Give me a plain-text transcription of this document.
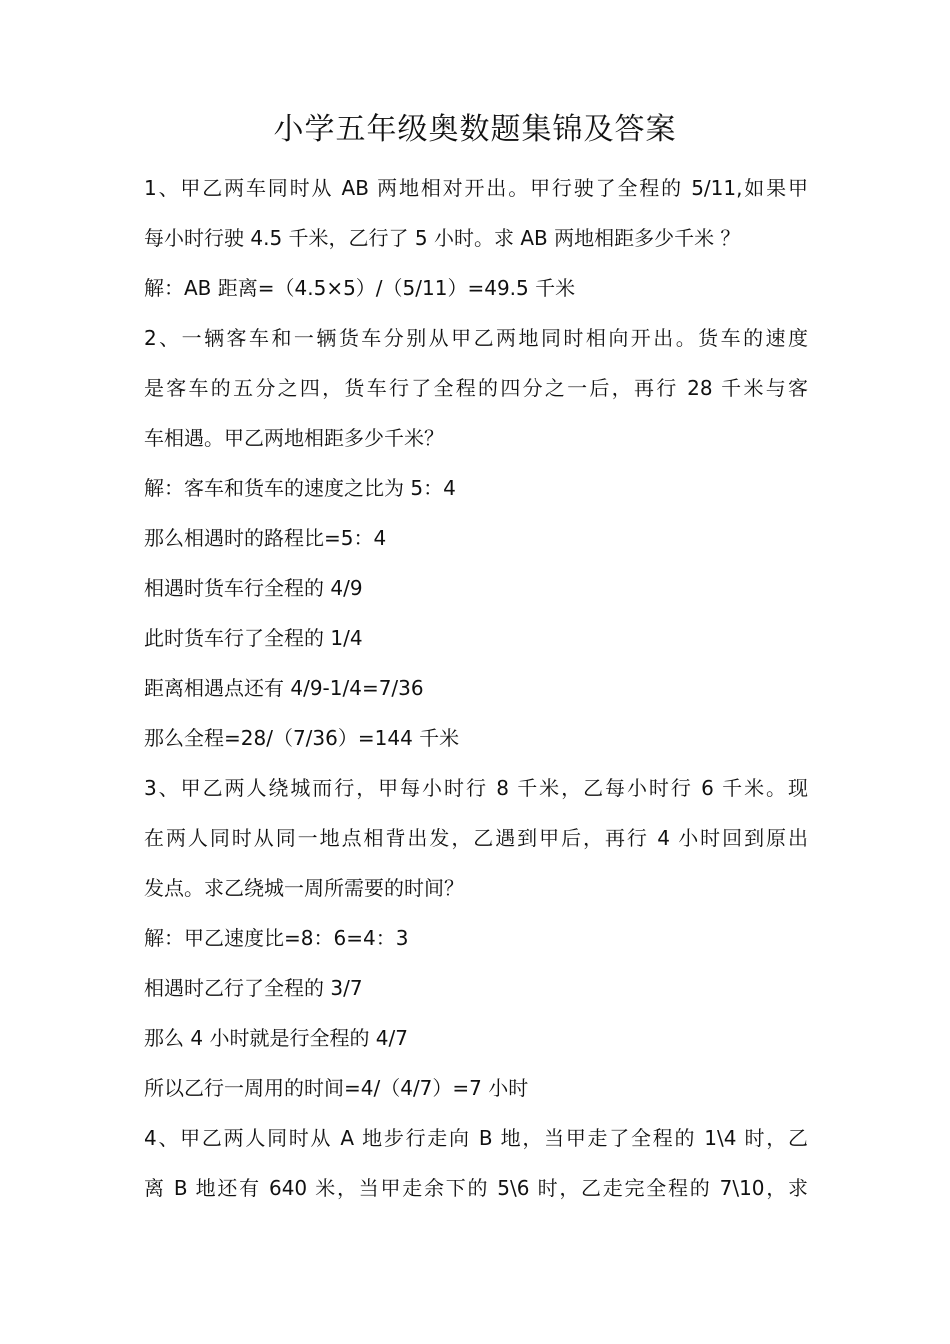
小学五年级奥数题集锦及答案
1、甲乙两车同时从 AB 两地相对开出。甲行驶了全程的 5/11,如果甲
每小时行驶 4.5 千米，乙行了 5 小时。求 AB 两地相距多少千米 ？
解：AB 距离=（4.5×5）/（5/11）=49.5 千米
2、一辆客车和一辆货车分别从甲乙两地同时相向开出。货车的速度
是客车的五分之四，货车行了全程的四分之一后，再行 28 千米与客
车相遇。甲乙两地相距多少千米？
解：客车和货车的速度之比为 5：4
那么相遇时的路程比=5：4
相遇时货车行全程的 4/9
此时货车行了全程的 1/4
距离相遇点还有 4/9-1/4=7/36
那么全程=28/（7/36）=144 千米
3、甲乙两人绕城而行，甲每小时行 8 千米，乙每小时行 6 千米。现
在两人同时从同一地点相背出发，乙遇到甲后，再行 4 小时回到原出
发点。求乙绕城一周所需要的时间？
解：甲乙速度比=8：6=4：3
相遇时乙行了全程的 3/7
那么 4 小时就是行全程的 4/7
所以乙行一周用的时间=4/（4/7）=7 小时
4、甲乙两人同时从 A 地步行走向 B 地，当甲走了全程的 1\4 时，乙
离 B 地还有 640 米，当甲走余下的 5\6 时，乙走完全程的 7\10，求
